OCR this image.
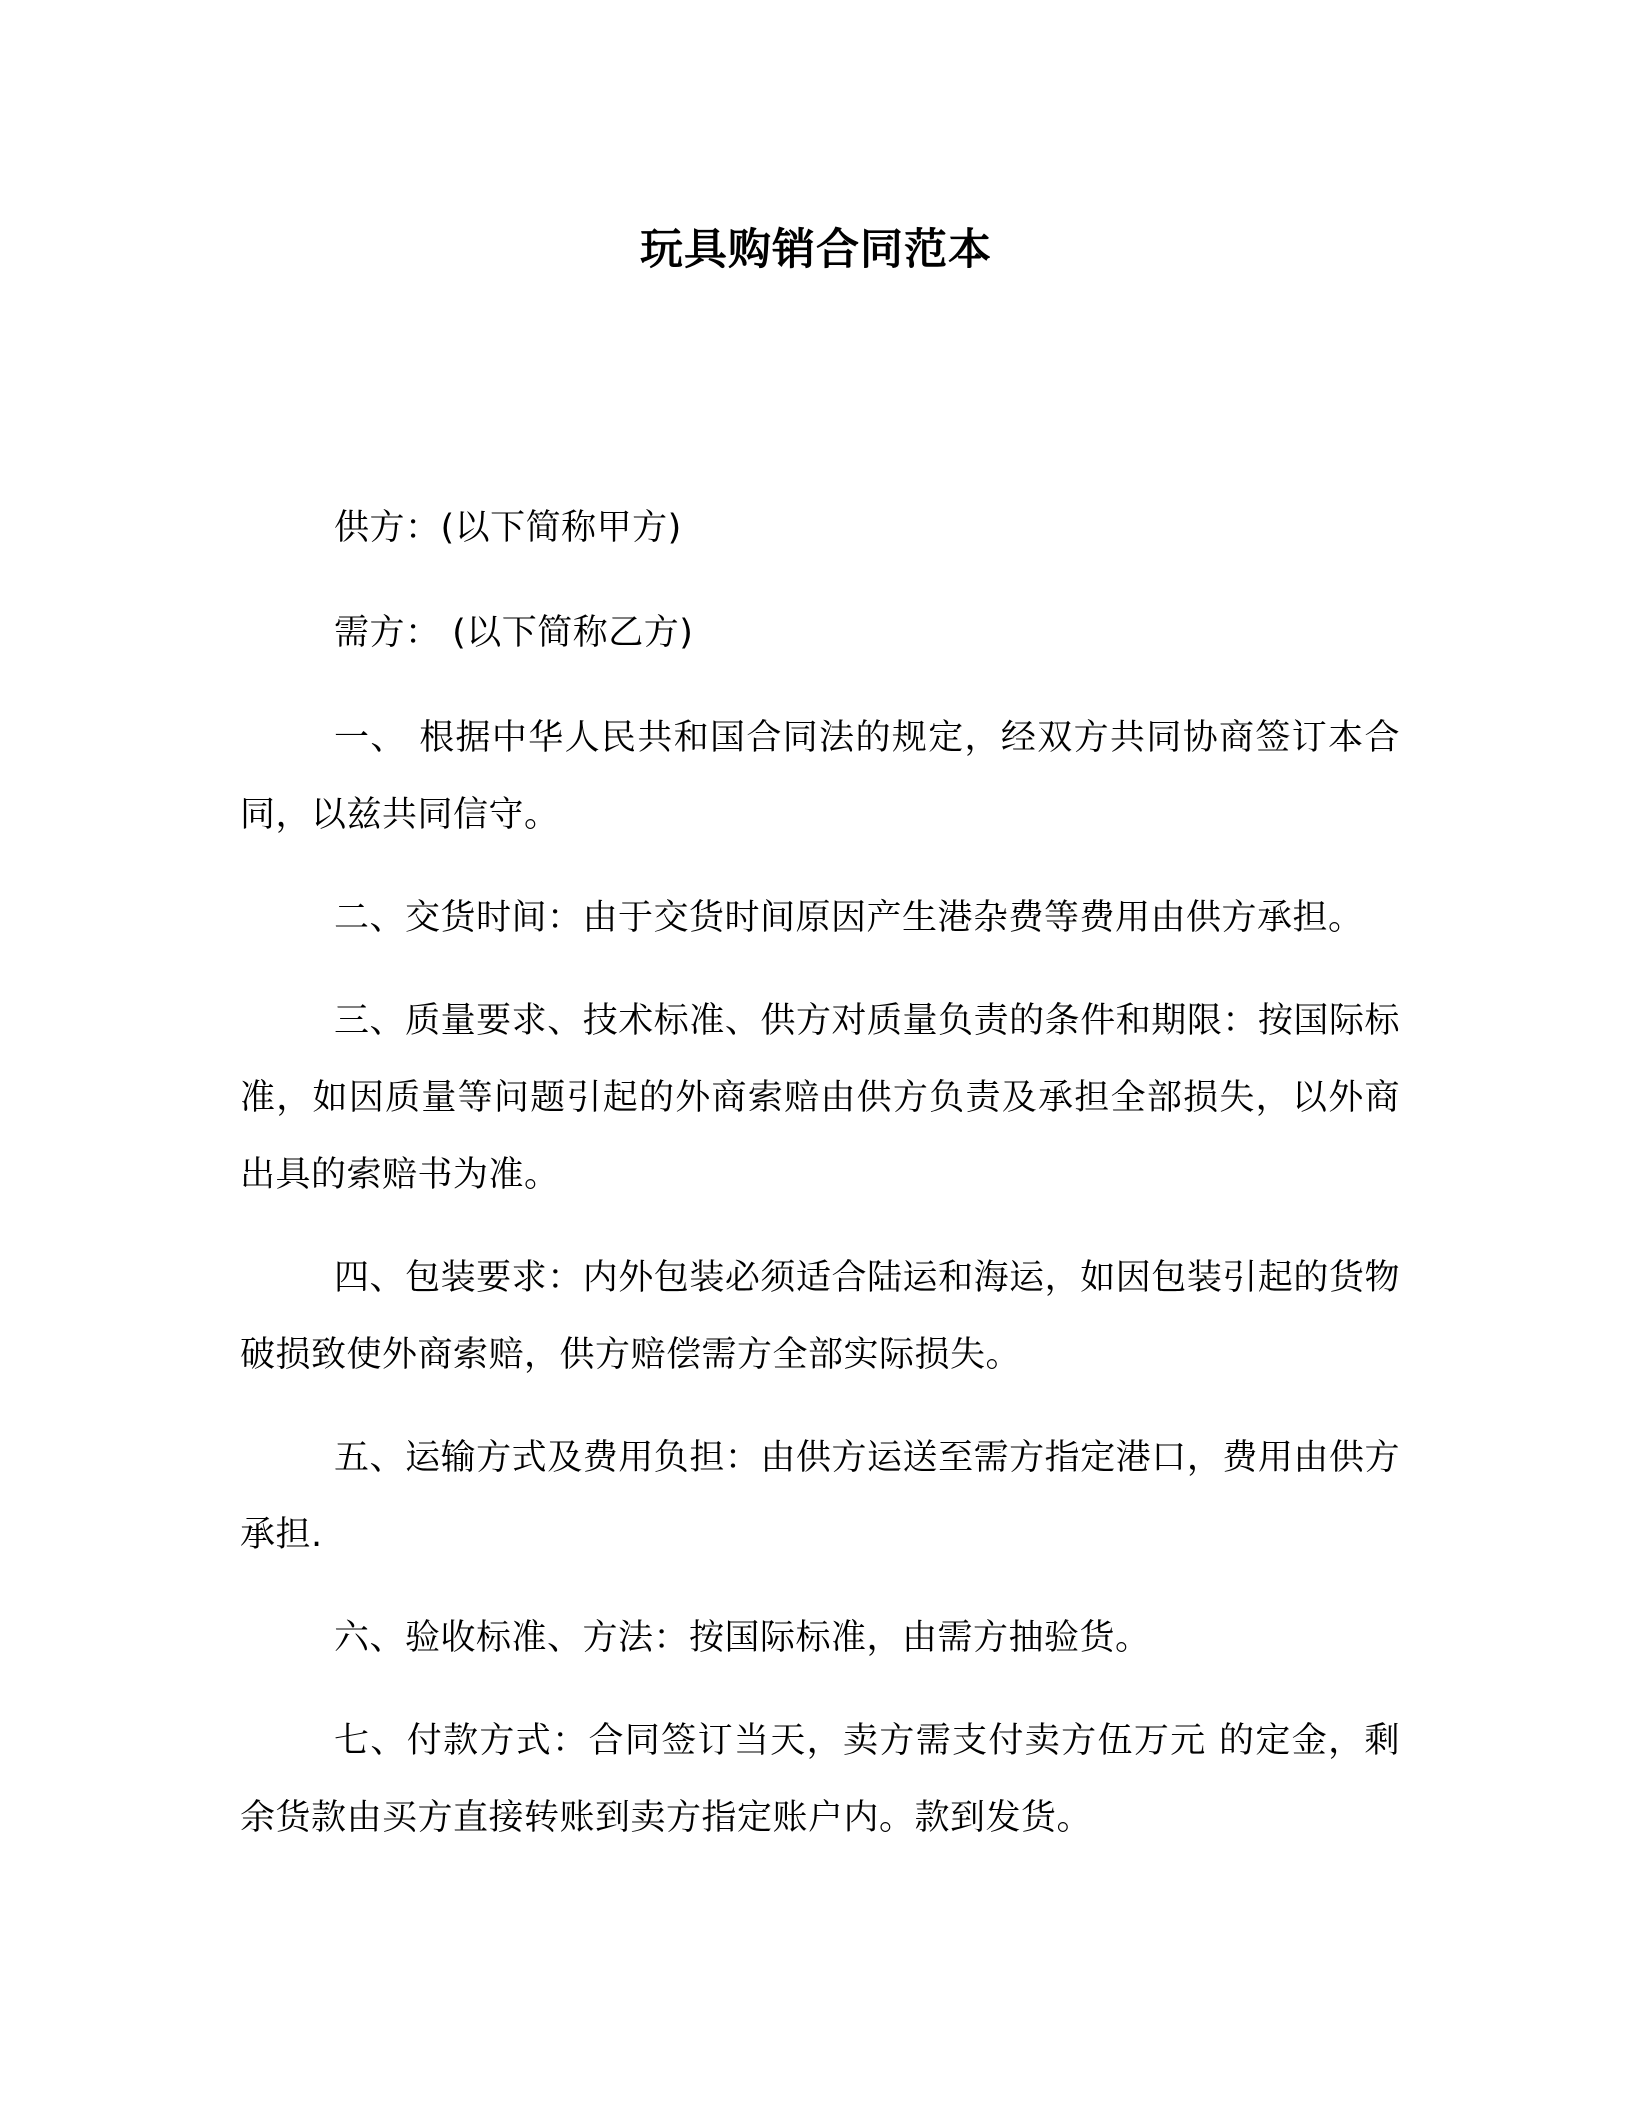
玩具购销合同范本

供方：(以下简称甲方)

需方： (以下简称乙方)

一、 根据中华人民共和国合同法的规定，经双方共同协商签订本合同，以兹共同信守。

二、交货时间：由于交货时间原因产生港杂费等费用由供方承担。

三、质量要求、技术标准、供方对质量负责的条件和期限：按国际标准，如因质量等问题引起的外商索赔由供方负责及承担全部损失，以外商出具的索赔书为准。

四、包装要求：内外包装必须适合陆运和海运，如因包装引起的货物破损致使外商索赔，供方赔偿需方全部实际损失。

五、运输方式及费用负担：由供方运送至需方指定港口，费用由供方承担.

六、验收标准、方法：按国际标准，由需方抽验货。

七、付款方式：合同签订当天，卖方需支付卖方伍万元 的定金，剩余货款由买方直接转账到卖方指定账户内。款到发货。
